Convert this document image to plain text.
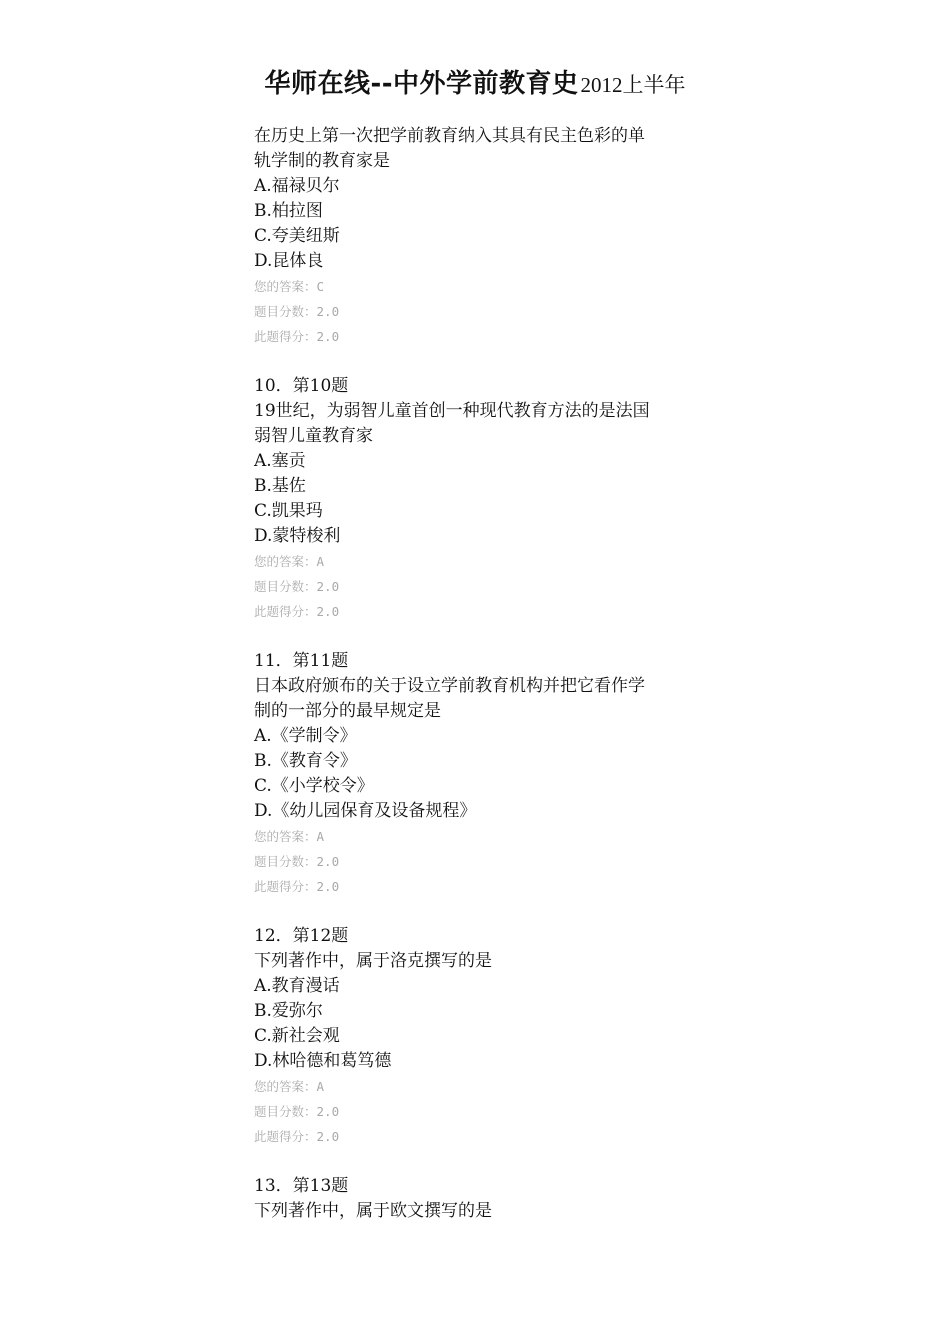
华师在线--中外学前教育史2012上半年
在历史上第一次把学前教育纳入其具有民主色彩的单
轨学制的教育家是
A.福禄贝尔
B.柏拉图
C.夸美纽斯
D.昆体良
您的答案：C
题目分数：2.0
此题得分：2.0
10．第10题
19世纪，为弱智儿童首创一种现代教育方法的是法国
弱智儿童教育家
A.塞贡
B.基佐
C.凯果玛
D.蒙特梭利
您的答案：A
题目分数：2.0
此题得分：2.0
11．第11题
日本政府颁布的关于设立学前教育机构并把它看作学
制的一部分的最早规定是
A.《学制令》
B.《教育令》
C.《小学校令》
D.《幼儿园保育及设备规程》
您的答案：A
题目分数：2.0
此题得分：2.0
12．第12题
下列著作中，属于洛克撰写的是
A.教育漫话
B.爱弥尔
C.新社会观
D.林哈德和葛笃德
您的答案：A
题目分数：2.0
此题得分：2.0
13．第13题
下列著作中，属于欧文撰写的是
